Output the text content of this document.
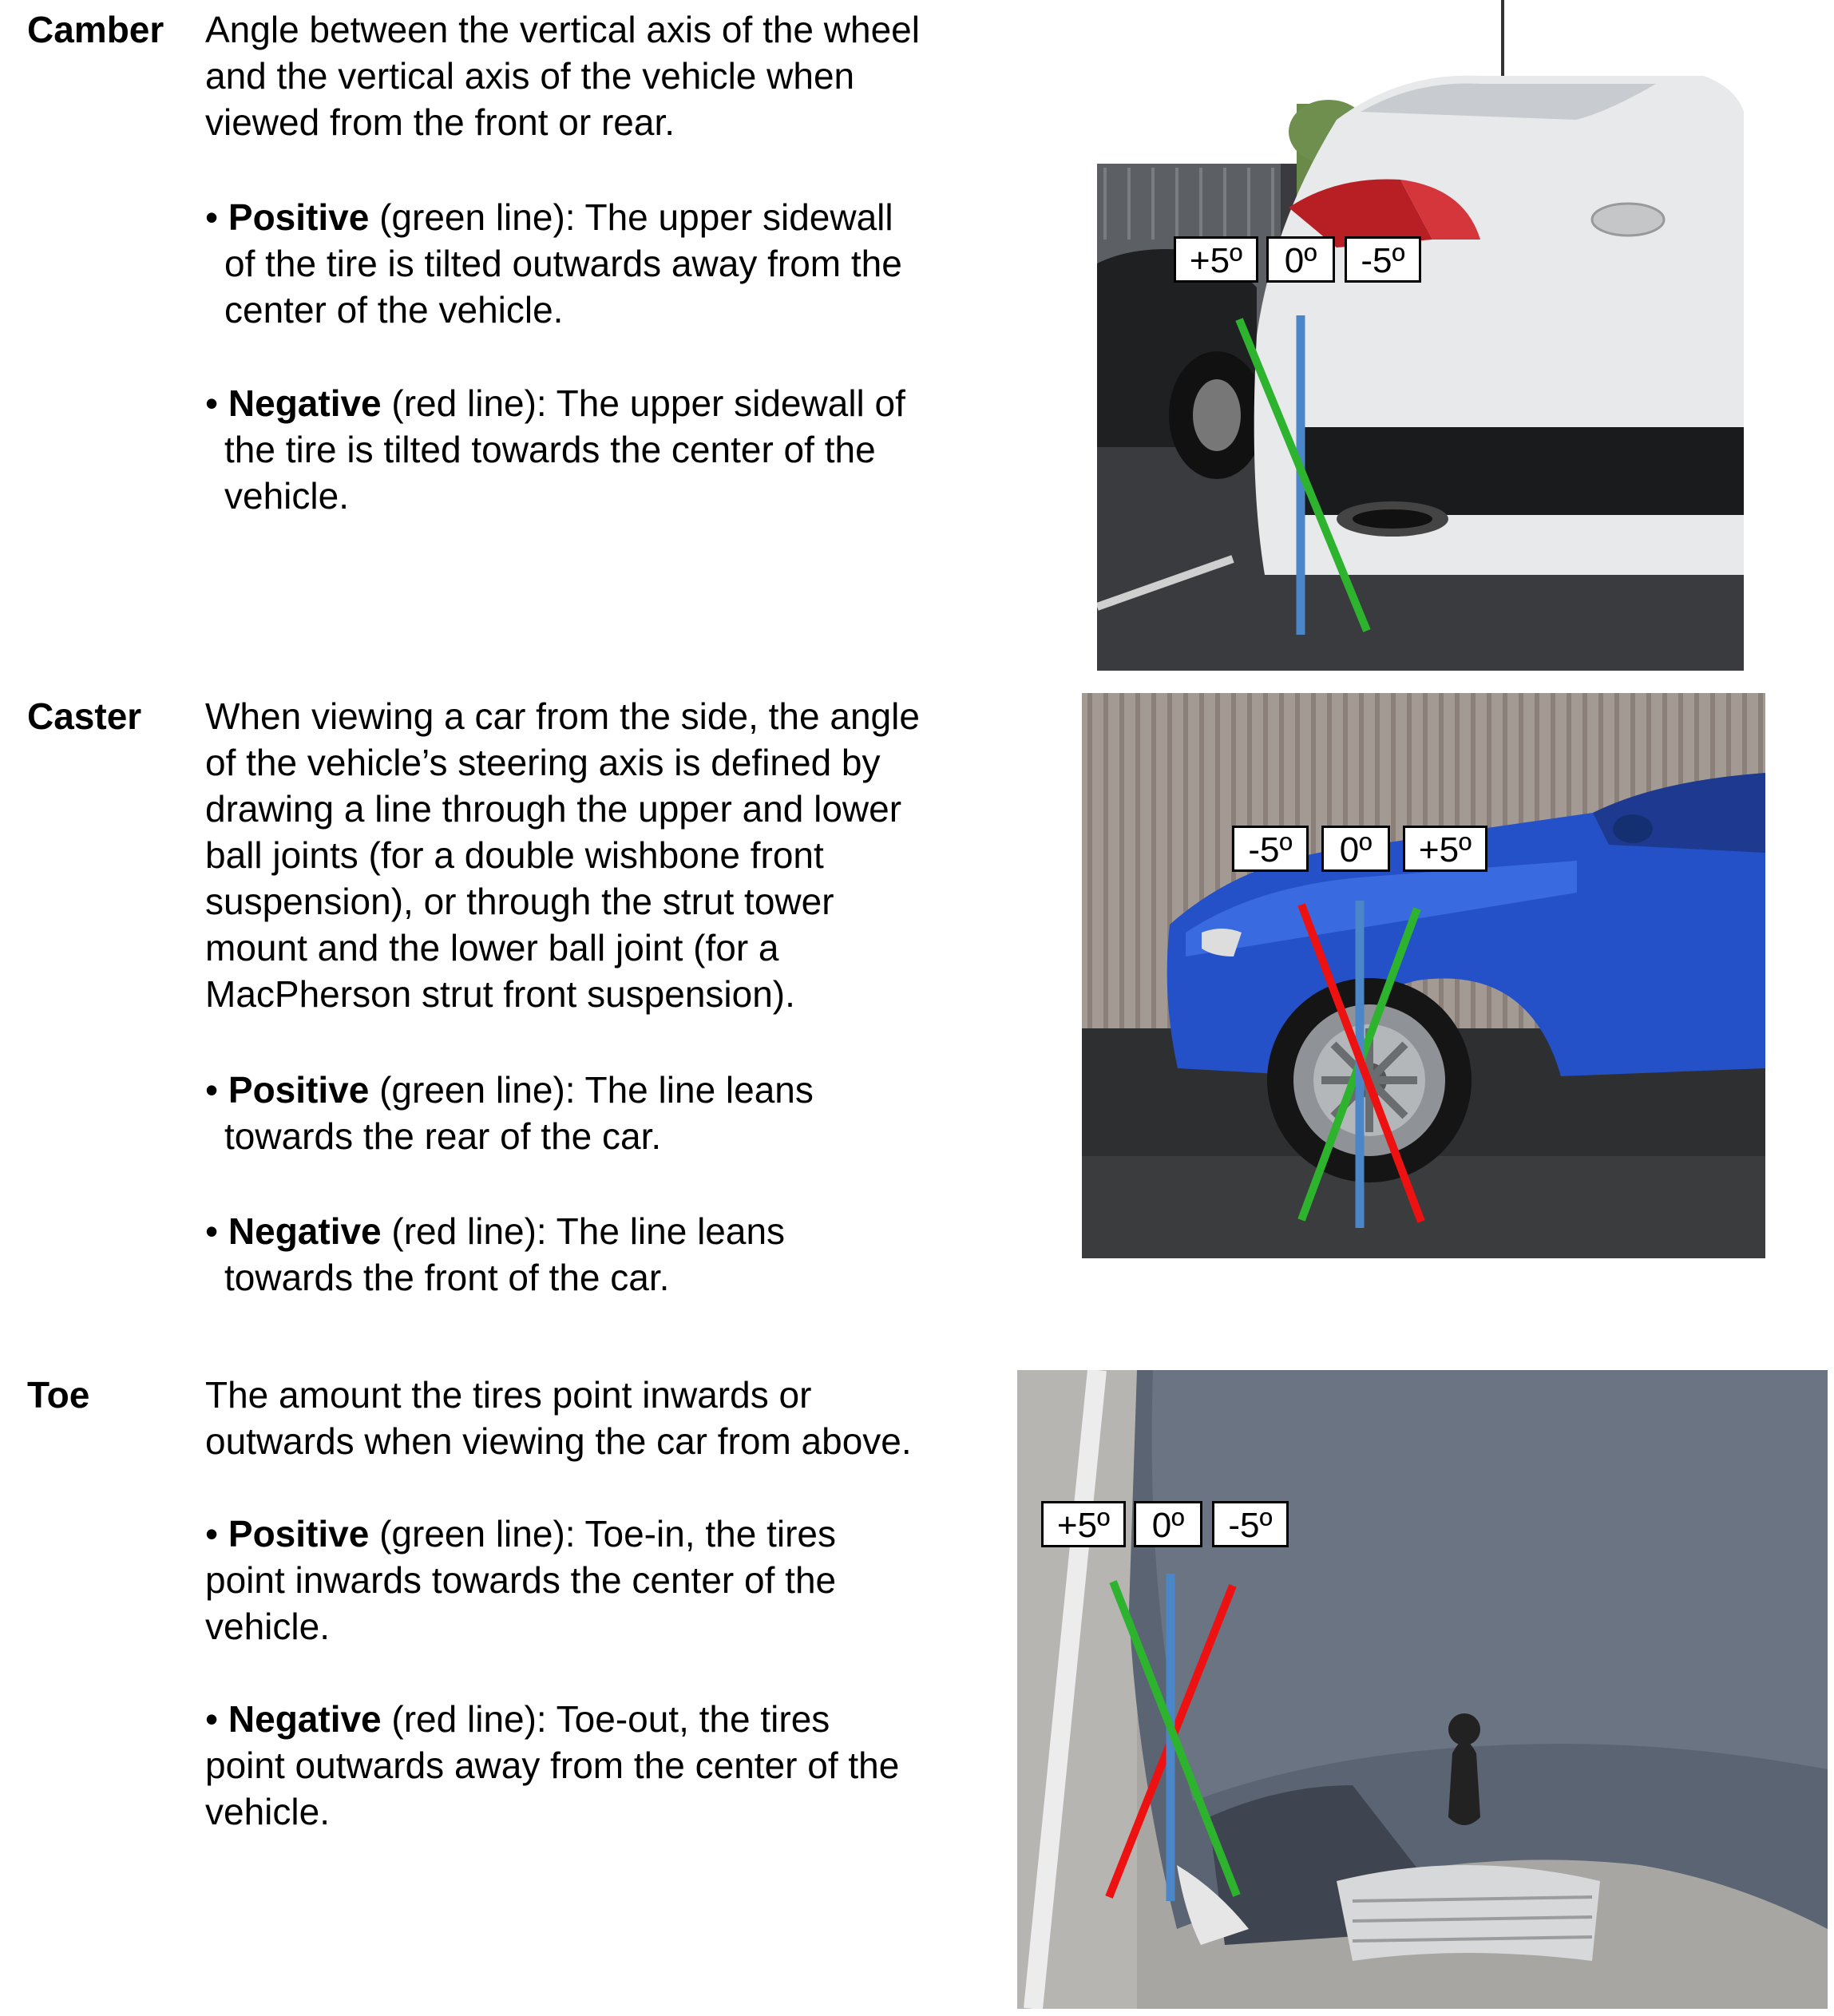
Camber Angle between the vertical axis of the wheel

and the vertical axis of the vehicle when

viewed from the front or rear.

• Positive (green line): The upper sidewall
of the tire is tilted outwards away from the
center of the vehicle.
• Negative (red line): The upper sidewall of
the tire is tilted towards the center of the
vehicle.
+5º	0º	-5º
Caster When viewing a car from the side, the angle

of the vehicle’s steering axis is defined by

drawing a line through the upper and lower

ball joints (for a double wishbone front

suspension), or through the strut tower

mount and the lower ball joint (for a

MacPherson strut front suspension).

• Positive (green line): The line leans
towards the rear of the car.
• Negative (red line): The line leans
towards the front of the car.
-5º	0º	+5º
Toe	The amount the tires point inwards or

outwards when viewing the car from above.

• Positive (green line): Toe-in, the tires
point inwards towards the center of the
vehicle.
• Negative (red line): Toe-out, the tires
point outwards away from the center of the
vehicle.
+5º	0º	-5º
